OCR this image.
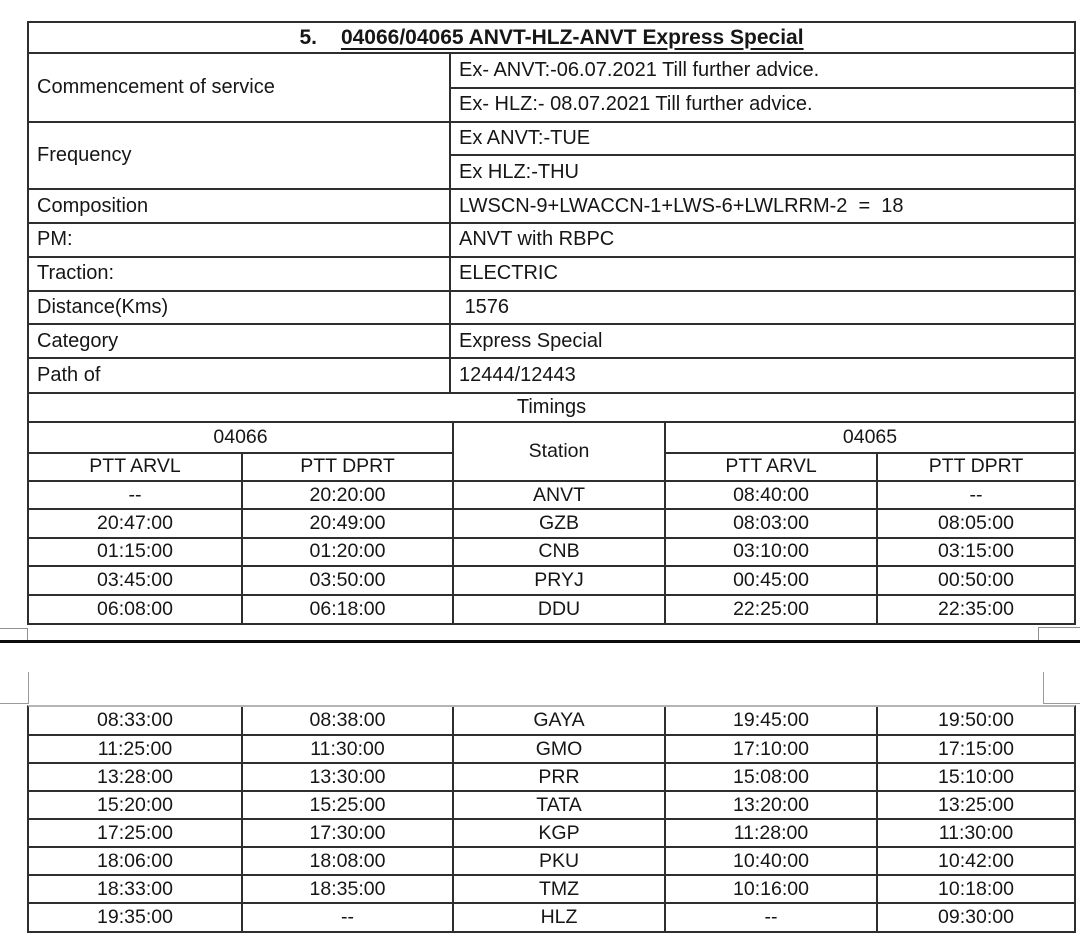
5. 04066/04065 ANVT-HLZ-ANVT Express Special
Commencement of service	Ex- ANVT:-06.07.2021 Till further advice.
	Ex- HLZ:- 08.07.2021 Till further advice.
Frequency	Ex ANVT:-TUE
	Ex HLZ:-THU
Composition	LWSCN-9+LWACCN-1+LWS-6+LWLRRM-2  =  18
PM:	ANVT with RBPC
Traction:	ELECTRIC
Distance(Kms)	1576
Category	Express Special
Path of	12444/12443
Timings
04066		Station	04065	
PTT ARVL	PTT DPRT		PTT ARVL	PTT DPRT
--	20:20:00	ANVT	08:40:00	--
20:47:00	20:49:00	GZB	08:03:00	08:05:00
01:15:00	01:20:00	CNB	03:10:00	03:15:00
03:45:00	03:50:00	PRYJ	00:45:00	00:50:00
06:08:00	06:18:00	DDU	22:25:00	22:35:00
08:33:00	08:38:00	GAYA	19:45:00	19:50:00
11:25:00	11:30:00	GMO	17:10:00	17:15:00
13:28:00	13:30:00	PRR	15:08:00	15:10:00
15:20:00	15:25:00	TATA	13:20:00	13:25:00
17:25:00	17:30:00	KGP	11:28:00	11:30:00
18:06:00	18:08:00	PKU	10:40:00	10:42:00
18:33:00	18:35:00	TMZ	10:16:00	10:18:00
19:35:00	--	HLZ	--	09:30:00
